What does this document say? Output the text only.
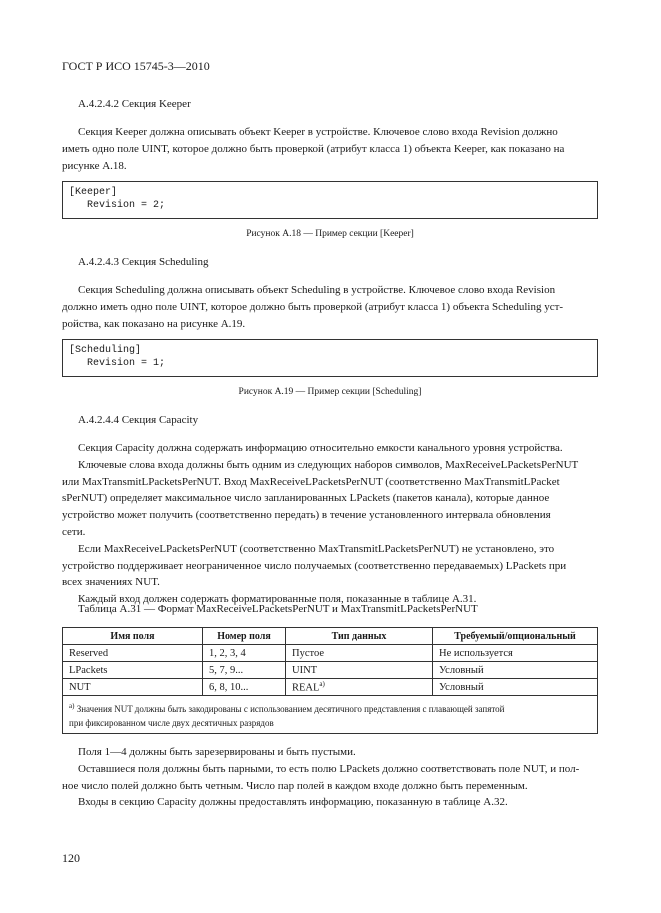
ГОСТ Р ИСО 15745-3—2010
А.4.2.4.2 Секция Keeper
Секция Keeper должна описывать объект Keeper в устройстве. Ключевое слово входа Revision должно
иметь одно поле UINT, которое должно быть проверкой (атрибут класса 1) объекта Keeper, как показано на
рисунке А.18.
[Keeper]
Revision = 2;
Рисунок А.18 — Пример секции [Keeper]
А.4.2.4.3 Секция Scheduling
Секция Scheduling должна описывать объект Scheduling в устройстве. Ключевое слово входа Revision
должно иметь одно поле UINT, которое должно быть проверкой (атрибут класса 1) объекта Scheduling уст-
ройства, как показано на рисунке А.19.
[Scheduling]
Revision = 1;
Рисунок А.19 — Пример секции [Scheduling]
А.4.2.4.4 Секция Capacity
Секция Capacity должна содержать информацию относительно емкости канального уровня устройства.
Ключевые слова входа должны быть одним из следующих наборов символов, MaxReceiveLPacketsPerNUT
или MaxTransmitLPacketsPerNUT. Вход MaxReceiveLPacketsPerNUT (соответственно MaxTransmitLPacket
sPerNUT) определяет максимальное число запланированных LPackets (пакетов канала), которые данное
устройство может получить (соответственно передать) в течение установленного интервала обновления
сети.
Если MaxReceiveLPacketsPerNUT (соответственно MaxTransmitLPacketsPerNUT) не установлено, это
устройство поддерживает неограниченное число получаемых (соответственно передаваемых) LPackets при
всех значениях NUT.
Каждый вход должен содержать форматированные поля, показанные в таблице А.31.
Таблица А.31 — Формат MaxReceiveLPacketsPerNUT и MaxTransmitLPacketsPerNUT
Имя поля	Номер поля	Тип данных	Требуемый/опциональный
Reserved	1, 2, 3, 4	Пустое	Не используется
LPackets	5, 7, 9...	UINT	Условный
NUT	6, 8, 10...	REAL$^{a)}$	Условный
$^{a)}$ Значения NUT должны быть закодированы с использованием десятичного представления с плавающей запятой
при фиксированном числе двух десятичных разрядов			
Поля 1—4 должны быть зарезервированы и быть пустыми.
Оставшиеся поля должны быть парными, то есть полю LPackets должно соответствовать поле NUT, и пол-
ное число полей должно быть четным. Число пар полей в каждом входе должно быть переменным.
Входы в секцию Capacity должны предоставлять информацию, показанную в таблице А.32.
120
